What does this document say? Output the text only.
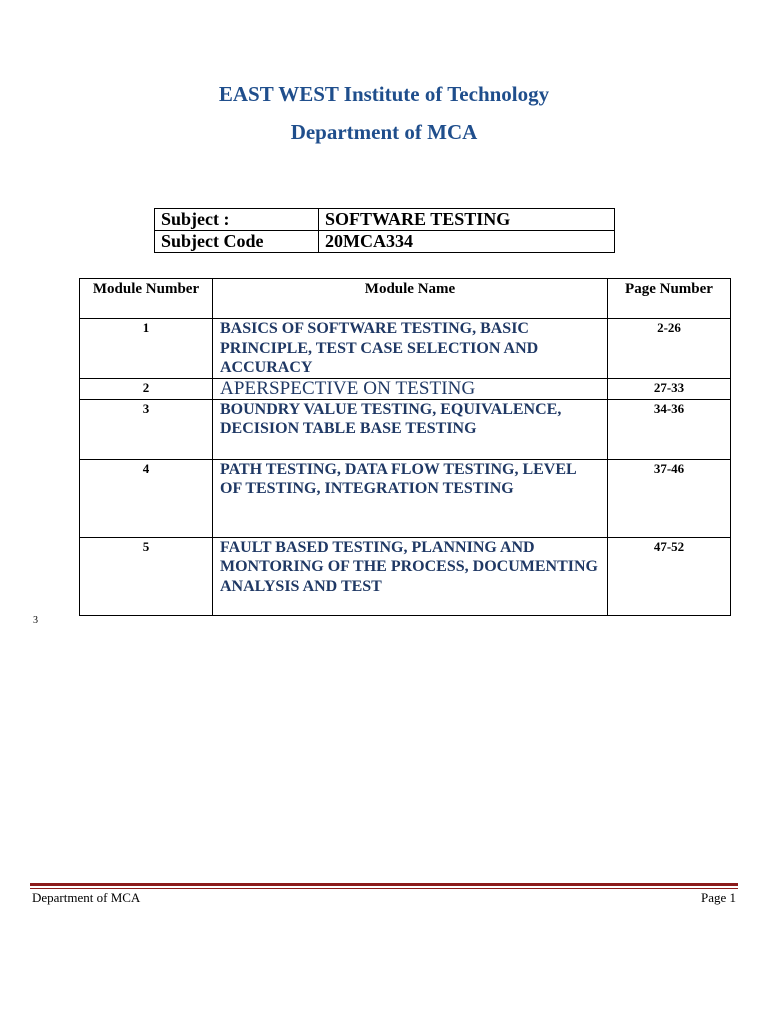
EAST WEST Institute of Technology
Department of MCA
Subject :	SOFTWARE TESTING
Subject Code	20MCA334
Module Number	Module Name	Page Number
1	BASICS OF SOFTWARE TESTING, BASIC PRINCIPLE, TEST CASE SELECTION AND ACCURACY	2-26
2	APERSPECTIVE ON TESTING	27-33
3	BOUNDRY VALUE TESTING, EQUIVALENCE, DECISION TABLE BASE TESTING	34-36
4	PATH TESTING, DATA FLOW TESTING, LEVEL OF TESTING, INTEGRATION TESTING	37-46
5	FAULT BASED TESTING, PLANNING AND MONTORING OF THE PROCESS, DOCUMENTING ANALYSIS AND TEST	47-52
3
Department of MCA	Page 1
